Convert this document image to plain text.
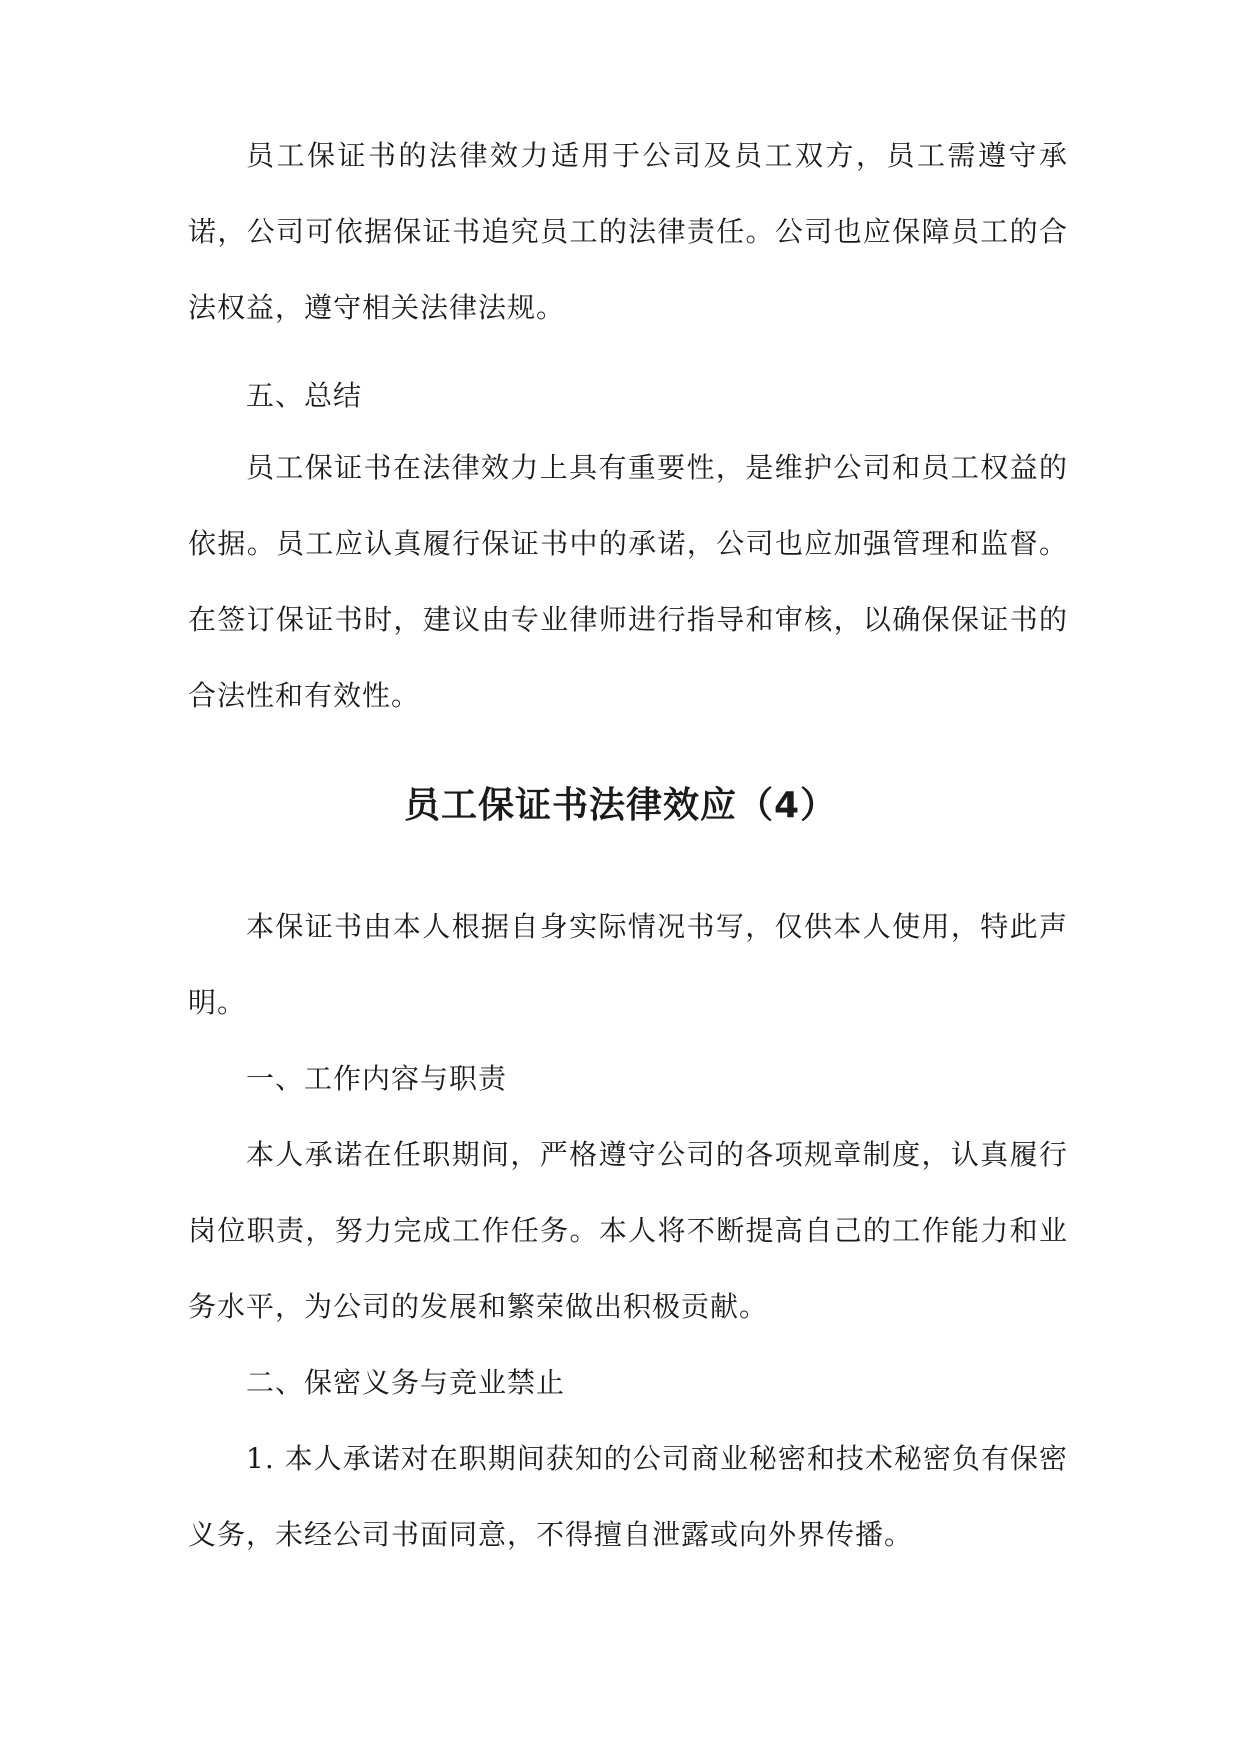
员工保证书的法律效力适用于公司及员工双方，员工需遵守承诺，公司可依据保证书追究员工的法律责任。公司也应保障员工的合法权益，遵守相关法律法规。

五、总结

员工保证书在法律效力上具有重要性，是维护公司和员工权益的依据。员工应认真履行保证书中的承诺，公司也应加强管理和监督。在签订保证书时，建议由专业律师进行指导和审核，以确保保证书的合法性和有效性。

员工保证书法律效应（4）

本保证书由本人根据自身实际情况书写，仅供本人使用，特此声明。

一、工作内容与职责

本人承诺在任职期间，严格遵守公司的各项规章制度，认真履行岗位职责，努力完成工作任务。本人将不断提高自己的工作能力和业务水平，为公司的发展和繁荣做出积极贡献。

二、保密义务与竞业禁止

1. 本人承诺对在职期间获知的公司商业秘密和技术秘密负有保密义务，未经公司书面同意，不得擅自泄露或向外界传播。
